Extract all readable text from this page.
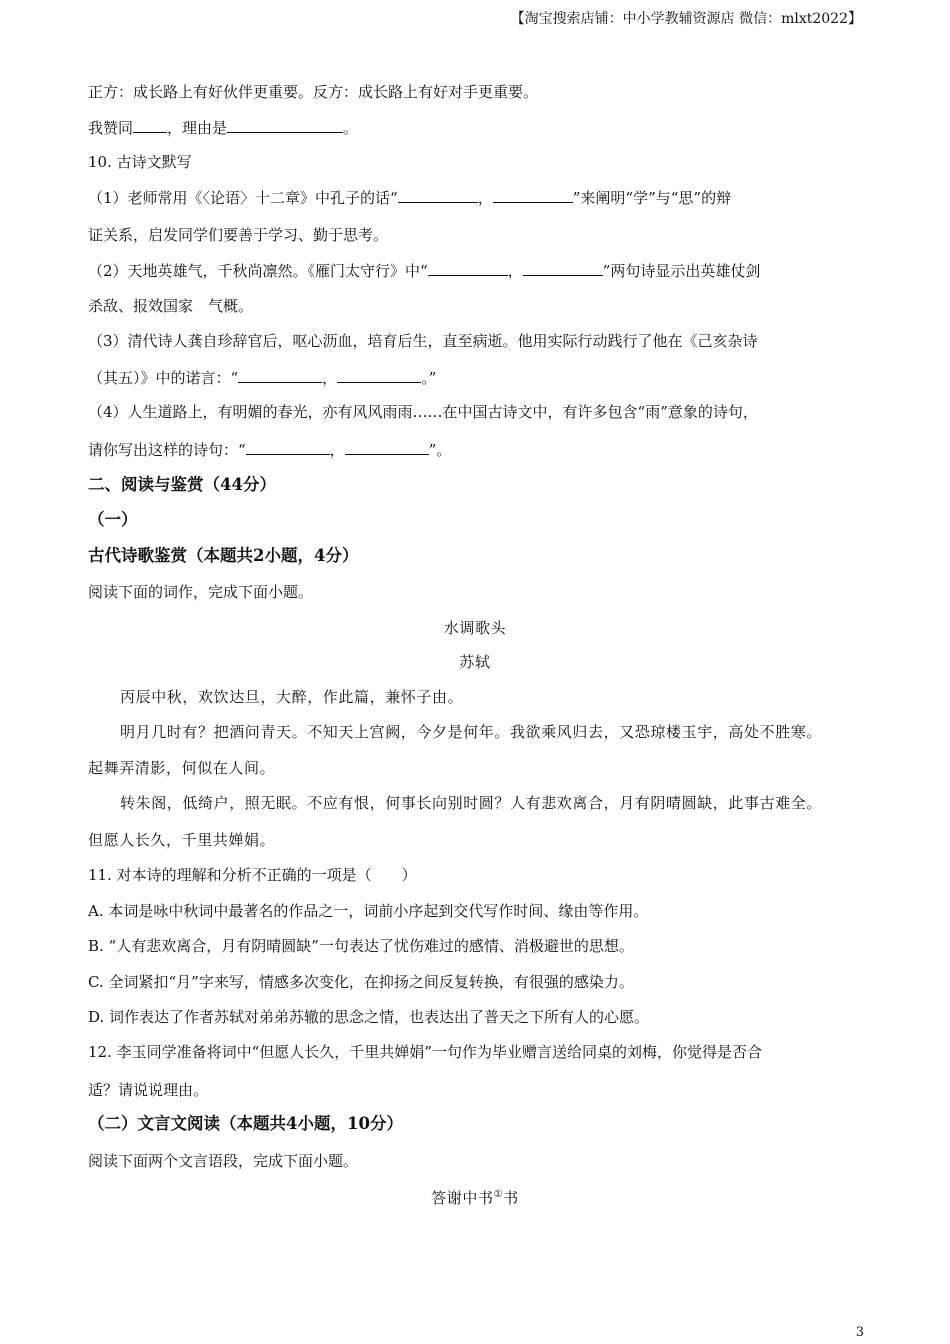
【淘宝搜索店铺：中小学教辅资源店 微信：mlxt2022】
正方：成长路上有好伙伴更重要。反方：成长路上有好对手更重要。
我赞同 ，理由是	。
10. 古诗文默写
（1）老师常用《〈论语〉十二章》中孔子的话“	，	”来阐明“学”与“思”的辩
证关系，启发同学们要善于学习、勤于思考。
（2）天地英雄气，千秋尚凛然。《雁门太守行》中“	，	”两句诗显示出英雄仗剑
杀敌、报效国家　气概。
（3）清代诗人龚自珍辞官后，呕心沥血，培育后生，直至病逝。他用实际行动践行了他在《己亥杂诗
（其五）》中的诺言：“	，	。”
（4）人生道路上，有明媚的春光，亦有风风雨雨……在中国古诗文中，有许多包含“雨”意象的诗句，
请你写出这样的诗句：“	，	”。
二、阅读与鉴赏（44分）
（一）
古代诗歌鉴赏（本题共2小题，4分）
阅读下面的词作，完成下面小题。
水调歌头
苏轼
丙辰中秋，欢饮达旦，大醉，作此篇，兼怀子由。
明月几时有？把酒问青天。不知天上宫阙，今夕是何年。我欲乘风归去，又恐琼楼玉宇，高处不胜寒。
起舞弄清影，何似在人间。
转朱阁，低绮户，照无眠。不应有恨，何事长向别时圆？人有悲欢离合，月有阴晴圆缺，此事古难全。
但愿人长久，千里共婵娟。
11. 对本诗的理解和分析不正确的一项是（　　）
A. 本词是咏中秋词中最著名的作品之一，词前小序起到交代写作时间、缘由等作用。
B. “人有悲欢离合，月有阴晴圆缺”一句表达了忧伤难过的感情、消极避世的思想。
C. 全词紧扣“月”字来写，情感多次变化，在抑扬之间反复转换，有很强的感染力。
D. 词作表达了作者苏轼对弟弟苏辙的思念之情，也表达出了普天之下所有人的心愿。
12. 李玉同学准备将词中“但愿人长久，千里共婵娟”一句作为毕业赠言送给同桌的刘梅，你觉得是否合
适？请说说理由。
（二）文言文阅读（本题共4小题，10分）
阅读下面两个文言语段，完成下面小题。
答谢中书①书
3
